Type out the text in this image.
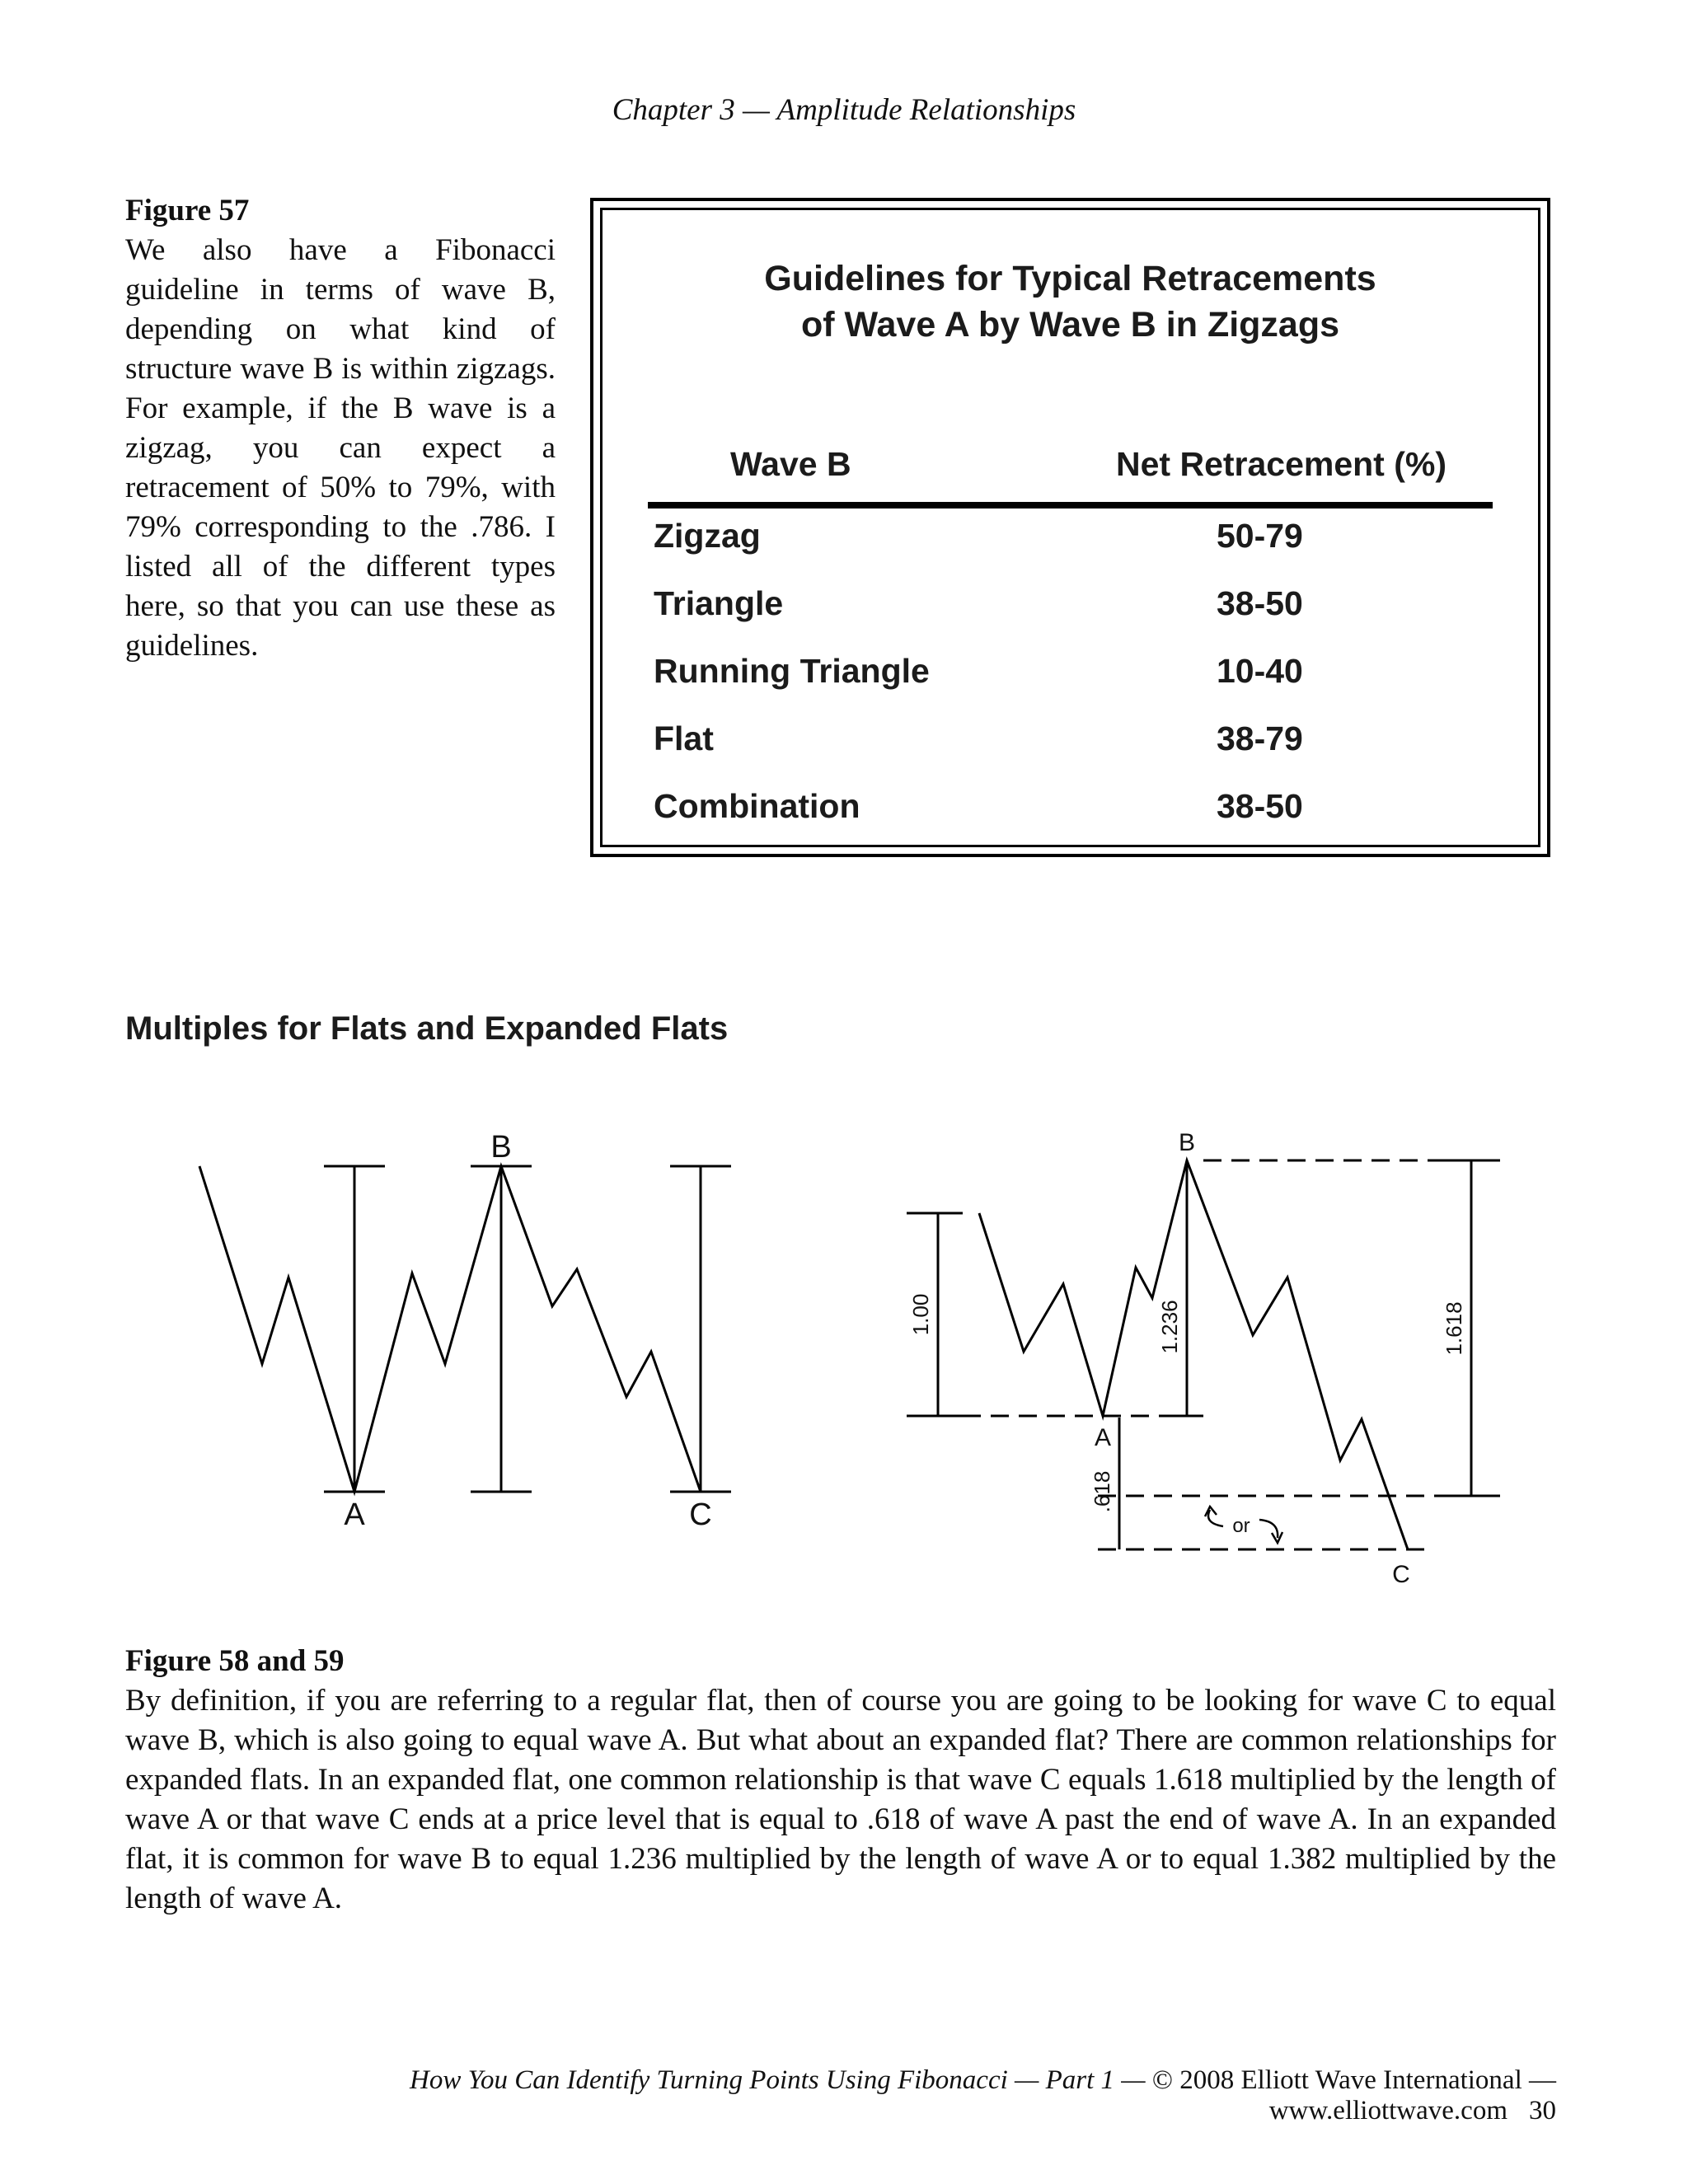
Chapter 3 — Amplitude Relationships
Figure 57
We also have a Fibonacci guideline in terms of wave B, depending on what kind of structure wave B is within zigzags. For example, if the B wave is a zigzag, you can expect a retracement of 50% to 79%, with 79% corresponding to the .786. I listed all of the different types here, so that you can use these as guidelines.
Guidelines for Typical Retracements
of Wave A by Wave B in Zigzags
Wave B	Net Retracement (%)
Zigzag	50-79
Triangle	38-50
Running Triangle	10-40
Flat	38-79
Combination	38-50
Multiples for Flats and Expanded Flats
B
A	C
B
A
C
or
1.00	1.236	1.618
.618
Figure 58 and 59
By definition, if you are referring to a regular flat, then of course you are going to be looking for wave C to equal wave B, which is also going to equal wave A. But what about an expanded flat? There are common relationships for expanded flats. In an expanded flat, one common relationship is that wave C equals 1.618 multiplied by the length of wave A or that wave C ends at a price level that is equal to .618 of wave A past the end of wave A. In an expanded flat, it is common for wave B to equal 1.236 multiplied by the length of wave A or to equal 1.382 multiplied by the length of wave A.
How You Can Identify Turning Points Using Fibonacci — Part 1 — © 2008 Elliott Wave International — www.elliottwave.com 30
